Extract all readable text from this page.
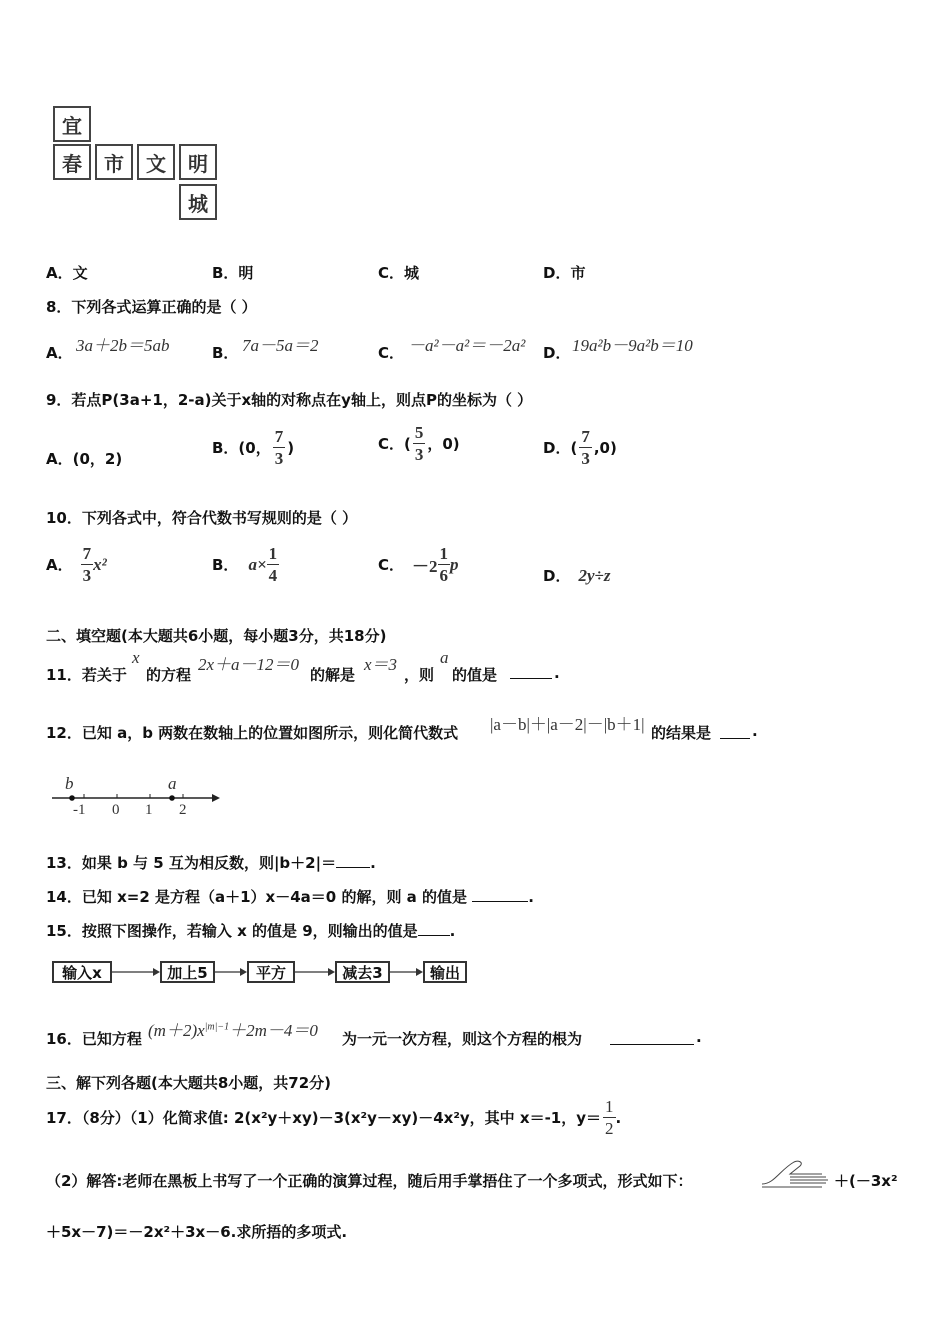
宜
春	市	文	明
城
A．文	B．明	C．城	D．市
8．下列各式运算正确的是（ ）
A． 3a＋2b＝5ab	B． 7a－5a＝2	C． －a²－a²＝－2a² D． 19a²b－9a²b＝10
9．若点P(3a+1，2-a)关于x轴的对称点在y轴上，则点P的坐标为（ ）
A．(0，2)
B．(0， $\frac{7}{3}$ )	C．( $\frac{5}{3}$ ，0)	D．( $\frac{7}{3} ,0$)
10．下列各式中，符合代数书写规则的是（ ）
A． $\frac{7}{3} x^2$	B． $a\times \frac{1}{4}$	C． $-2 \frac{1}{6}$ p
D． 2y÷z
二、填空题(本大题共6小题，每小题3分，共18分)
11．若关于
x
的方程
2x＋a－12＝0
的解是
x＝3
，则
a
的值是	.
12．已知 a，b 两数在数轴上的位置如图所示，则化简代数式 |a－b|＋|a－2|－|b＋1| 的结果是	.
b	a
-1 0 1 2
13．如果 b 与 5 互为相反数，则|b＋2|＝ .
14．已知 x=2 是方程（a＋1）x－4a＝0 的解，则 a 的值是	.
15．按照下图操作，若输入 x 的值是 9，则输出的值是 .
输入x	加上5	平方	减去3	输出
16．已知方程 $(m+2)x^{|m|-1}+2m-4=0$ 为一元一次方程，则这个方程的根为	.
三、解下列各题(本大题共8小题，共72分)
17．（8分）（1）化简求值: 2(x²y＋xy)－3(x²y－xy)－4x²y，其中 x＝-1，$y= \frac{1}{2}$ .
（2）解答:老师在黑板上书写了一个正确的演算过程，随后用手掌捂住了一个多项式，形式如下：	＋(－3x²
＋5x－7)＝－2x²＋3x－6.求所捂的多项式.
